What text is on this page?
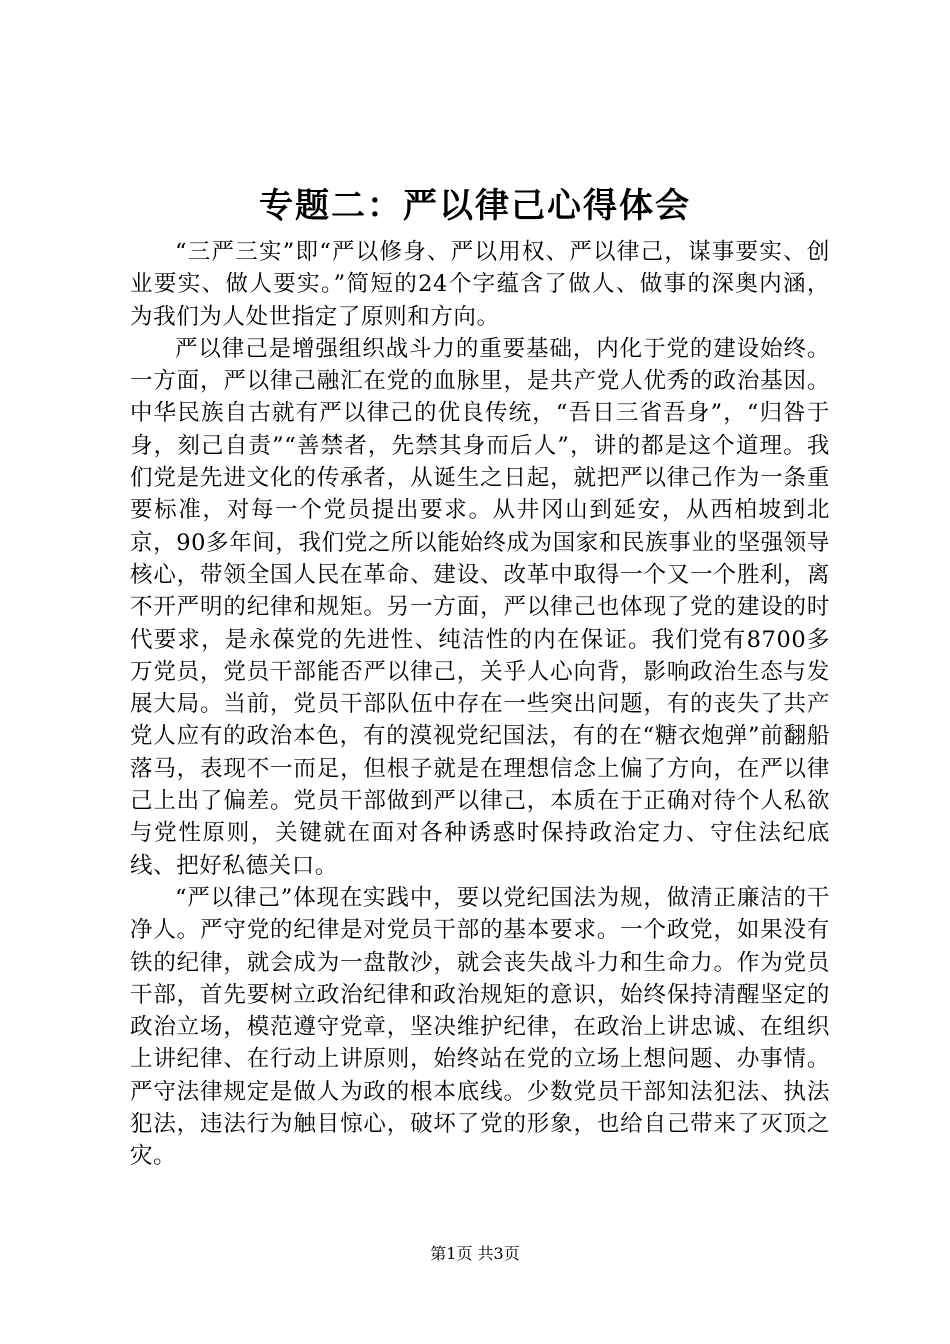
专题二：严以律己心得体会

“三严三实”即“严以修身、严以用权、严以律己，谋事要实、创业要实、做人要实。”简短的24个字蕴含了做人、做事的深奥内涵，为我们为人处世指定了原则和方向。

严以律己是增强组织战斗力的重要基础，内化于党的建设始终。一方面，严以律己融汇在党的血脉里，是共产党人优秀的政治基因。中华民族自古就有严以律己的优良传统，“吾日三省吾身”，“归咎于身，刻己自责”“善禁者，先禁其身而后人”，讲的都是这个道理。我们党是先进文化的传承者，从诞生之日起，就把严以律己作为一条重要标准，对每一个党员提出要求。从井冈山到延安，从西柏坡到北京，90多年间，我们党之所以能始终成为国家和民族事业的坚强领导核心，带领全国人民在革命、建设、改革中取得一个又一个胜利，离不开严明的纪律和规矩。另一方面，严以律己也体现了党的建设的时代要求，是永葆党的先进性、纯洁性的内在保证。我们党有8700多万党员，党员干部能否严以律己，关乎人心向背，影响政治生态与发展大局。当前，党员干部队伍中存在一些突出问题，有的丧失了共产党人应有的政治本色，有的漠视党纪国法，有的在“糖衣炮弹”前翻船落马，表现不一而足，但根子就是在理想信念上偏了方向，在严以律己上出了偏差。党员干部做到严以律己，本质在于正确对待个人私欲与党性原则，关键就在面对各种诱惑时保持政治定力、守住法纪底线、把好私德关口。

“严以律己”体现在实践中，要以党纪国法为规，做清正廉洁的干净人。严守党的纪律是对党员干部的基本要求。一个政党，如果没有铁的纪律，就会成为一盘散沙，就会丧失战斗力和生命力。作为党员干部，首先要树立政治纪律和政治规矩的意识，始终保持清醒坚定的政治立场，模范遵守党章，坚决维护纪律，在政治上讲忠诚、在组织上讲纪律、在行动上讲原则，始终站在党的立场上想问题、办事情。严守法律规定是做人为政的根本底线。少数党员干部知法犯法、执法犯法，违法行为触目惊心，破坏了党的形象，也给自己带来了灭顶之灾。

第1页 共3页
